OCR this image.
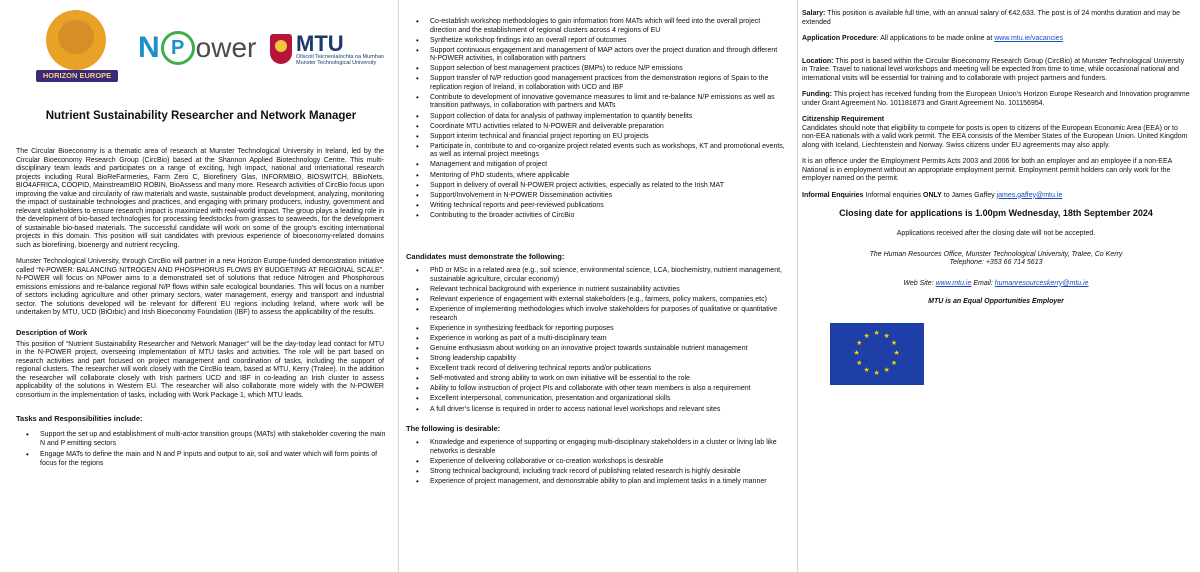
HORIZON EUROPE
N P ower MTU
Ollscoil Teicneolaíochta na Mumhan
Munster Technological University
Nutrient Sustainability Researcher and Network Manager

The Circular Bioeconomy is a thematic area of research at Munster Technological University in Ireland, led by the Circular Bioeconomy Research Group (CircBio) based at the Shannon Applied Biotechnology Centre. This multi-disciplinary team leads and participates on a range of exciting, high impact, national and international research projects including Rural BioReFarmeries, Farm Zero C, Biorefinery Glas, INFORMBIO, BIOSWITCH, BBioNets, BIO4AFRICA, COOPID, MainstreamBIO ROBIN, BioAssess and many more. Research activities of CircBio focus upon improving the value and circularity of raw materials and waste, sustainable product development, analyzing, monitoring the impact of sustainable technologies and practices, and engaging with primary producers, industry, government and relevant stakeholders to ensure research impact is maximized with real-world impact. The group plays a leading role in the development of bio-based technologies for processing feedstocks from grasses to seaweeds, for the development of sustainable bio-based materials. The successful candidate will work on some of the group’s exciting international projects in this domain. This position will suit candidates with previous experience of bioeconomy-related domains such as biorefining, bioenergy and nutrient recycling.

Munster Technological University, through CircBio will partner in a new Horizon Europe-funded demonstration initiative called “N-POWER: BALANCING NITROGEN AND PHOSPHORUS FLOWS BY BUDGETING AT REGIONAL SCALE”. N-POWER will focus on NPower aims to a demonstrated set of solutions that reduce Nitrogen and Phosphorous emissions emissions and re-balance regional N/P flows within safe ecological boundaries. This will focus on a number of sectors including agriculture and other primary sectors, water management, energy and transport and industrial sector. The solutions developed will be relevant for different EU regions including Ireland, where work will be undertaken by MTU, UCD (BiOrbic) and Irish Bioeconomy Foundation (IBF) to assess the applicability of the results.

Description of Work

This position of “Nutrient Sustainability Researcher and Network Manager” will be the day-today lead contact for MTU in the N-POWER project, overseeing implementation of MTU tasks and activities. The role will be part based on research activities and part focused on project management and coordination of tasks, including the support of regional clusters. The researcher will work closely with the CircBio team, based at MTU, Kerry (Tralee). In the addition the researcher will collaborate closely with Irish partners UCD and IBF in co-leading an Irish cluster to assess applicability of the solutions in Western EU. The researcher will also collaborate more widely with the N-POWER consortium in the implementation of tasks, including with Work Package 1, which MTU leads.

Tasks and Responsibilities include:
• Support the set up and establishment of multi-actor transition groups (MATs) with stakeholder covering the main N and P emitting sectors
• Engage MATs to define the main and N and P inputs and output to air, soil and water which will form points of focus for the regions
• Co-establish workshop methodologies to gain information from MATs which will feed into the overall project direction and the establishment of regional clusters across 4 regions of EU
• Synthetize workshop findings into an overall report of outcomes
• Support continuous engagement and management of MAP actors over the project duration and through different N-POWER activities, in collaboration with partners
• Support selection of best management practices (BMPs) to reduce N/P emissions
• Support transfer of N/P reduction good management practices from the demonstration regions of Spain to the replication region of Ireland, in collaboration with UCD and IBF
• Contribute to development of innovative governance measures to limit and re-balance N/P emissions as well as transition pathways, in collaboration with partners and MATs
• Support collection of data for analysis of pathway implementation to quantify benefits
• Coordinate MTU activities related to N-POWER and deliverable preparation
• Support interim technical and financial project reporting on EU projects
• Participate in, contribute to and co-organize project related events such as workshops, KT and promotional events, as well as internal project meetings
• Management and mitigation of project
• Mentoring of PhD students, where applicable
• Support in delivery of overall N-POWER project activities, especially as related to the Irish MAT
• Support/Involvement in N-POWER Dissemination activities
• Writing technical reports and peer-reviewed publications
• Contributing to the broader activities of CircBio
Candidates must demonstrate the following:
• PhD or MSc in a related area (e.g., soil science, environmental science, LCA, biochemistry, nutrient management, sustainable agriculture, circular economy)
• Relevant technical background with experience in nutrient sustainability activities
• Relevant experience of engagement with external stakeholders (e.g., farmers, policy makers, companies etc)
• Experience of implementing methodologies which involve stakeholders for purposes of qualitative or quantitative research
• Experience in synthesizing feedback for reporting purposes
• Experience in working as part of a multi-disciplinary team
• Genuine enthusiasm about working on an innovative project towards sustainable nutrient management
• Strong leadership capability
• Excellent track record of delivering technical reports and/or publications
• Self-motivated and strong ability to work on own initiative will be essential to the role
• Ability to follow instruction of project PIs and collaborate with other team members is also a requirement
• Excellent interpersonal, communication, presentation and organizational skills
• A full driver’s license is required in order to access national level workshops and relevant sites
The following is desirable:
• Knowledge and experience of supporting or engaging multi-disciplinary stakeholders in a cluster or living lab like networks is desirable
• Experience of delivering collaborative or co-creation workshops is desirable
• Strong technical background, including track record of publishing related research is highly desirable
• Experience of project management, and demonstrable ability to plan and implement tasks in a timely manner

Salary: This position is available full time, with an annual salary of €42,633. The post is of 24 months duration and may be extended

Application Procedure: All applications to be made online at www.mtu.ie/vacancies

Location: This post is based within the Circular Bioeconomy Research Group (CircBio) at Munster Technological University in Tralee. Travel to national level workshops and meeting will be expected from time to time, while occasional national and international visits will be essential for training and to collaborate with project partners and funders.

Funding: This project has received funding from the European Union’s Horizon Europe Research and Innovation programme under Grant Agreement No. 101181873 and Grant Agreement No. 101156954.

Citizenship Requirement

Candidates should note that eligibility to compete for posts is open to citizens of the European Economic Area (EEA) or to non-EEA nationals with a valid work permit. The EEA consists of the Member States of the European Union. United Kingdom along with Iceland, Liechtenstein and Norway. Swiss citizens under EU agreements may also apply.

It is an offence under the Employment Permits Acts 2003 and 2006 for both an employer and an employee if a non-EEA National is in employment without an appropriate employment permit. Employment permit holders can only work for the employer named on the permit.

Informal Enquiries Informal enquiries ONLY to James Gaffey james.gaffey@mtu.ie

Closing date for applications is 1.00pm Wednesday, 18th September 2024

Applications received after the closing date will not be accepted.

The Human Resources Office, Munster Technological University, Tralee, Co Kerry

Telephone: +353 66 714 5613

Web Site: www.mtu.ie Email: humanresourceskerry@mtu.ie

MTU is an Equal Opportunities Employer

★ ★
★
★
★
★
★
★
★
★
★
★
